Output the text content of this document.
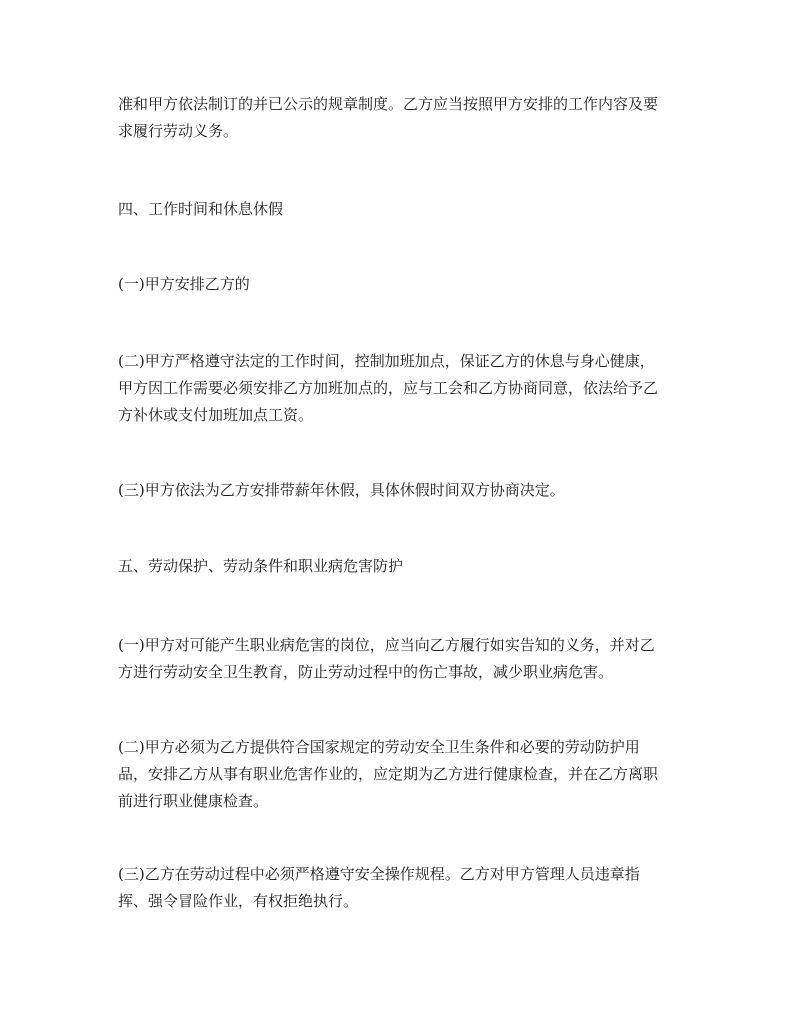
准和甲方依法制订的并已公示的规章制度。乙方应当按照甲方安排的工作内容及要
求履行劳动义务。

四、工作时间和休息休假

(一)甲方安排乙方的

(二)甲方严格遵守法定的工作时间，控制加班加点，保证乙方的休息与身心健康，
甲方因工作需要必须安排乙方加班加点的，应与工会和乙方协商同意，依法给予乙
方补休或支付加班加点工资。

(三)甲方依法为乙方安排带薪年休假，具体休假时间双方协商决定。

五、劳动保护、劳动条件和职业病危害防护

(一)甲方对可能产生职业病危害的岗位，应当向乙方履行如实告知的义务，并对乙
方进行劳动安全卫生教育，防止劳动过程中的伤亡事故，减少职业病危害。

(二)甲方必须为乙方提供符合国家规定的劳动安全卫生条件和必要的劳动防护用
品，安排乙方从事有职业危害作业的，应定期为乙方进行健康检查，并在乙方离职
前进行职业健康检查。

(三)乙方在劳动过程中必须严格遵守安全操作规程。乙方对甲方管理人员违章指
挥、强令冒险作业，有权拒绝执行。
